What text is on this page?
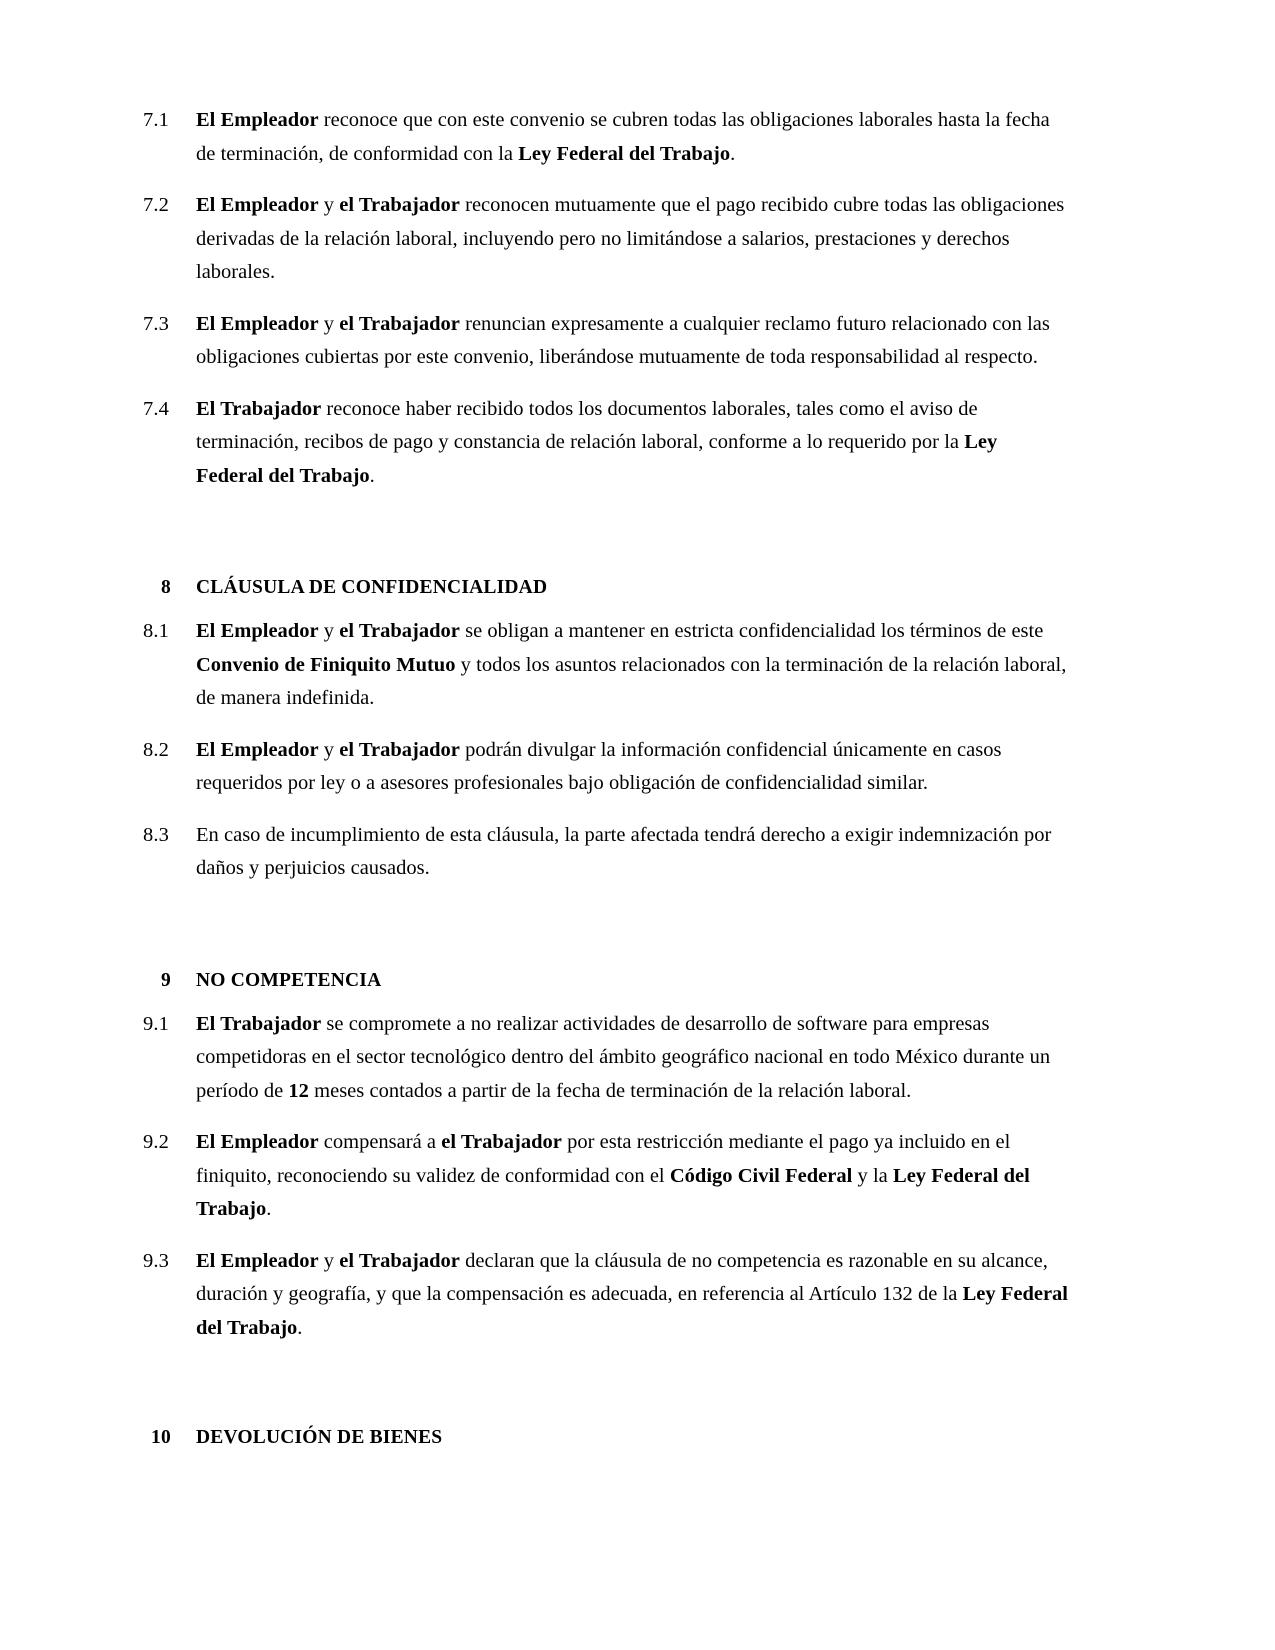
7.1	El Empleador reconoce que con este convenio se cubren todas las obligaciones laborales hasta la fecha de terminación, de conformidad con la Ley Federal del Trabajo.
7.2	El Empleador y el Trabajador reconocen mutuamente que el pago recibido cubre todas las obligaciones derivadas de la relación laboral, incluyendo pero no limitándose a salarios, prestaciones y derechos laborales.
7.3	El Empleador y el Trabajador renuncian expresamente a cualquier reclamo futuro relacionado con las obligaciones cubiertas por este convenio, liberándose mutuamente de toda responsabilidad al respecto.
7.4	El Trabajador reconoce haber recibido todos los documentos laborales, tales como el aviso de terminación, recibos de pago y constancia de relación laboral, conforme a lo requerido por la Ley Federal del Trabajo.
8	CLÁUSULA DE CONFIDENCIALIDAD
8.1	El Empleador y el Trabajador se obligan a mantener en estricta confidencialidad los términos de este Convenio de Finiquito Mutuo y todos los asuntos relacionados con la terminación de la relación laboral, de manera indefinida.
8.2	El Empleador y el Trabajador podrán divulgar la información confidencial únicamente en casos requeridos por ley o a asesores profesionales bajo obligación de confidencialidad similar.
8.3	En caso de incumplimiento de esta cláusula, la parte afectada tendrá derecho a exigir indemnización por daños y perjuicios causados.
9	NO COMPETENCIA
9.1	El Trabajador se compromete a no realizar actividades de desarrollo de software para empresas competidoras en el sector tecnológico dentro del ámbito geográfico nacional en todo México durante un período de 12 meses contados a partir de la fecha de terminación de la relación laboral.
9.2	El Empleador compensará a el Trabajador por esta restricción mediante el pago ya incluido en el finiquito, reconociendo su validez de conformidad con el Código Civil Federal y la Ley Federal del Trabajo.
9.3	El Empleador y el Trabajador declaran que la cláusula de no competencia es razonable en su alcance, duración y geografía, y que la compensación es adecuada, en referencia al Artículo 132 de la Ley Federal del Trabajo.
10	DEVOLUCIÓN DE BIENES
